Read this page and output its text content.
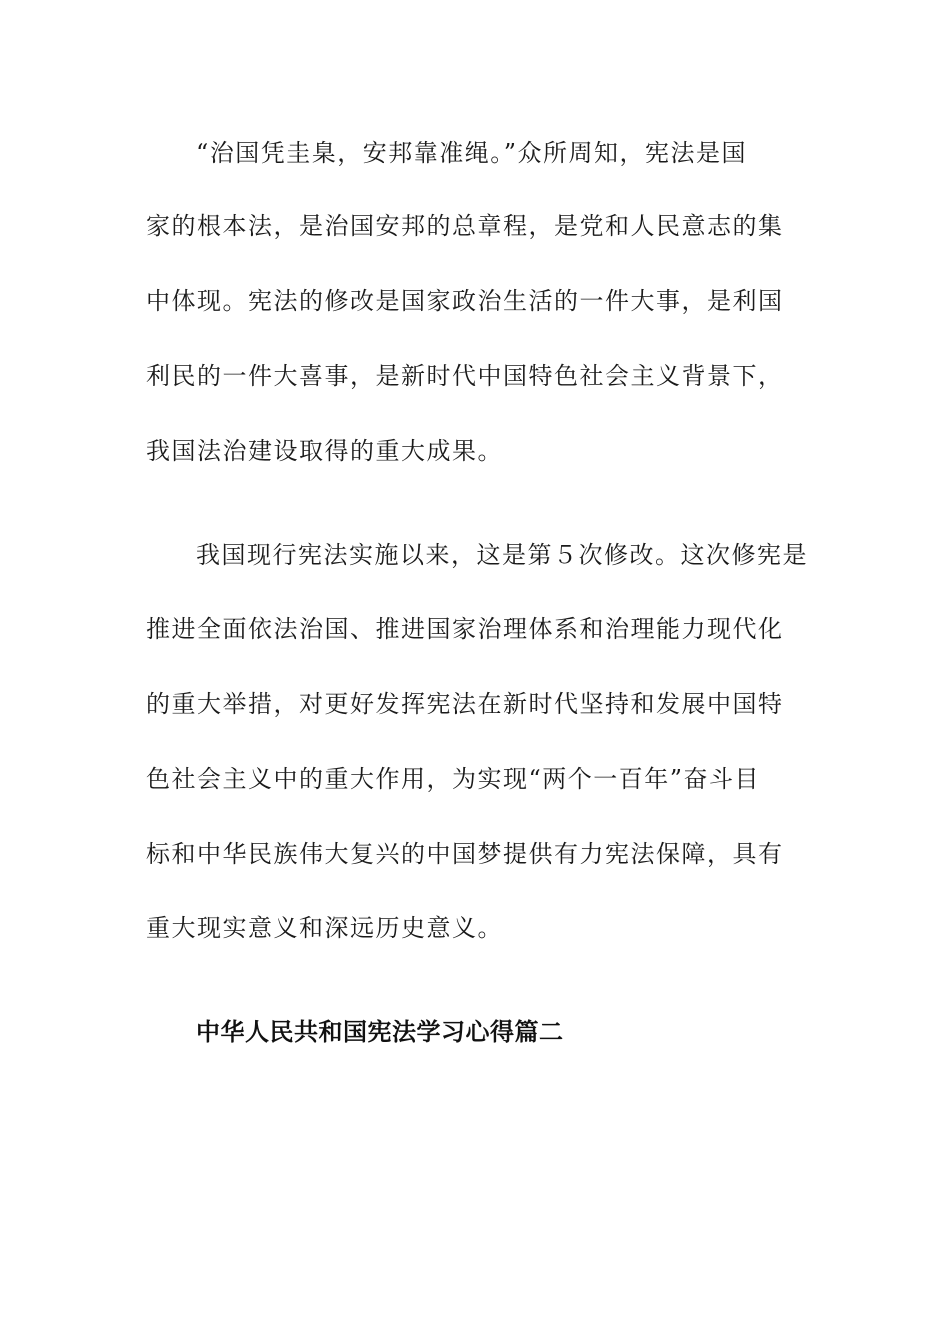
“治国凭圭臬，安邦靠准绳。”众所周知，宪法是国

家的根本法，是治国安邦的总章程，是党和人民意志的集

中体现。宪法的修改是国家政治生活的一件大事，是利国

利民的一件大喜事，是新时代中国特色社会主义背景下，

我国法治建设取得的重大成果。

我国现行宪法实施以来，这是第５次修改。这次修宪是

推进全面依法治国、推进国家治理体系和治理能力现代化

的重大举措，对更好发挥宪法在新时代坚持和发展中国特

色社会主义中的重大作用，为实现“两个一百年”奋斗目

标和中华民族伟大复兴的中国梦提供有力宪法保障，具有

重大现实意义和深远历史意义。

中华人民共和国宪法学习心得篇二
